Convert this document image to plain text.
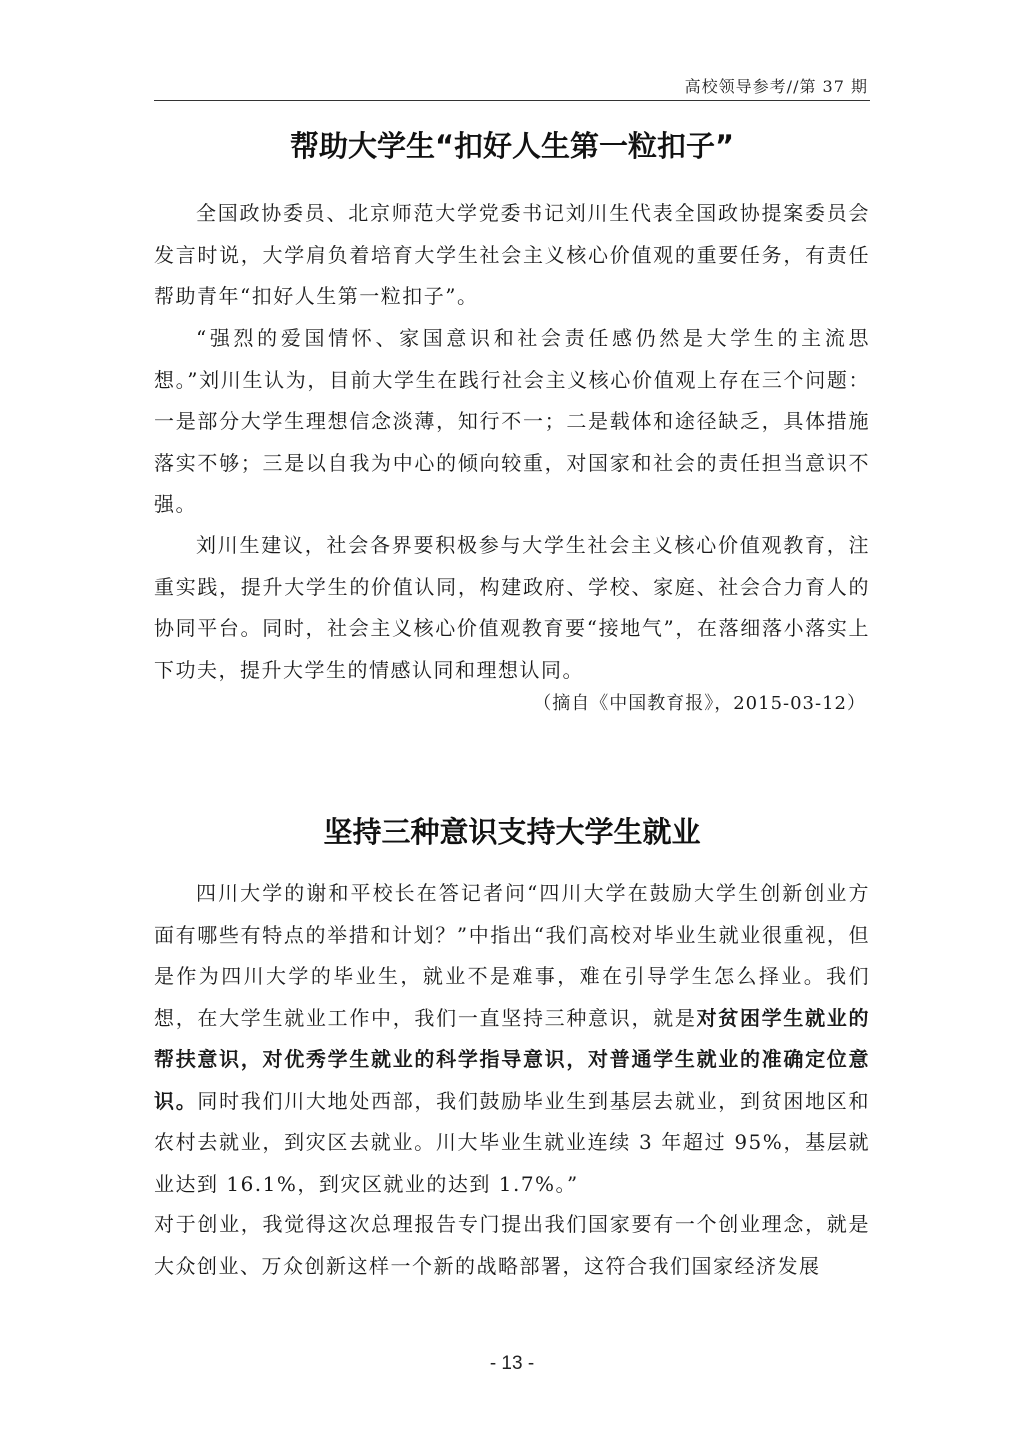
高校领导参考//第 37 期
帮助大学生“扣好人生第一粒扣子”

全国政协委员、北京师范大学党委书记刘川生代表全国政协提案委员会发言时说，大学肩负着培育大学生社会主义核心价值观的重要任务，有责任帮助青年“扣好人生第一粒扣子”。

“强烈的爱国情怀、家国意识和社会责任感仍然是大学生的主流思想。”刘川生认为，目前大学生在践行社会主义核心价值观上存在三个问题：一是部分大学生理想信念淡薄，知行不一；二是载体和途径缺乏，具体措施落实不够；三是以自我为中心的倾向较重，对国家和社会的责任担当意识不强。

刘川生建议，社会各界要积极参与大学生社会主义核心价值观教育，注重实践，提升大学生的价值认同，构建政府、学校、家庭、社会合力育人的协同平台。同时，社会主义核心价值观教育要“接地气”，在落细落小落实上下功夫，提升大学生的情感认同和理想认同。

（摘自《中国教育报》，2015-03-12）

坚持三种意识支持大学生就业

四川大学的谢和平校长在答记者问“四川大学在鼓励大学生创新创业方面有哪些有特点的举措和计划？”中指出“我们高校对毕业生就业很重视，但是作为四川大学的毕业生，就业不是难事，难在引导学生怎么择业。我们想，在大学生就业工作中，我们一直坚持三种意识，就是对贫困学生就业的帮扶意识，对优秀学生就业的科学指导意识，对普通学生就业的准确定位意识。同时我们川大地处西部，我们鼓励毕业生到基层去就业，到贫困地区和农村去就业，到灾区去就业。川大毕业生就业连续 3 年超过 95%，基层就业达到 16.1%，到灾区就业的达到 1.7%。”

对于创业，我觉得这次总理报告专门提出我们国家要有一个创业理念，就是大众创业、万众创新这样一个新的战略部署，这符合我们国家经济发展

- 13 -
